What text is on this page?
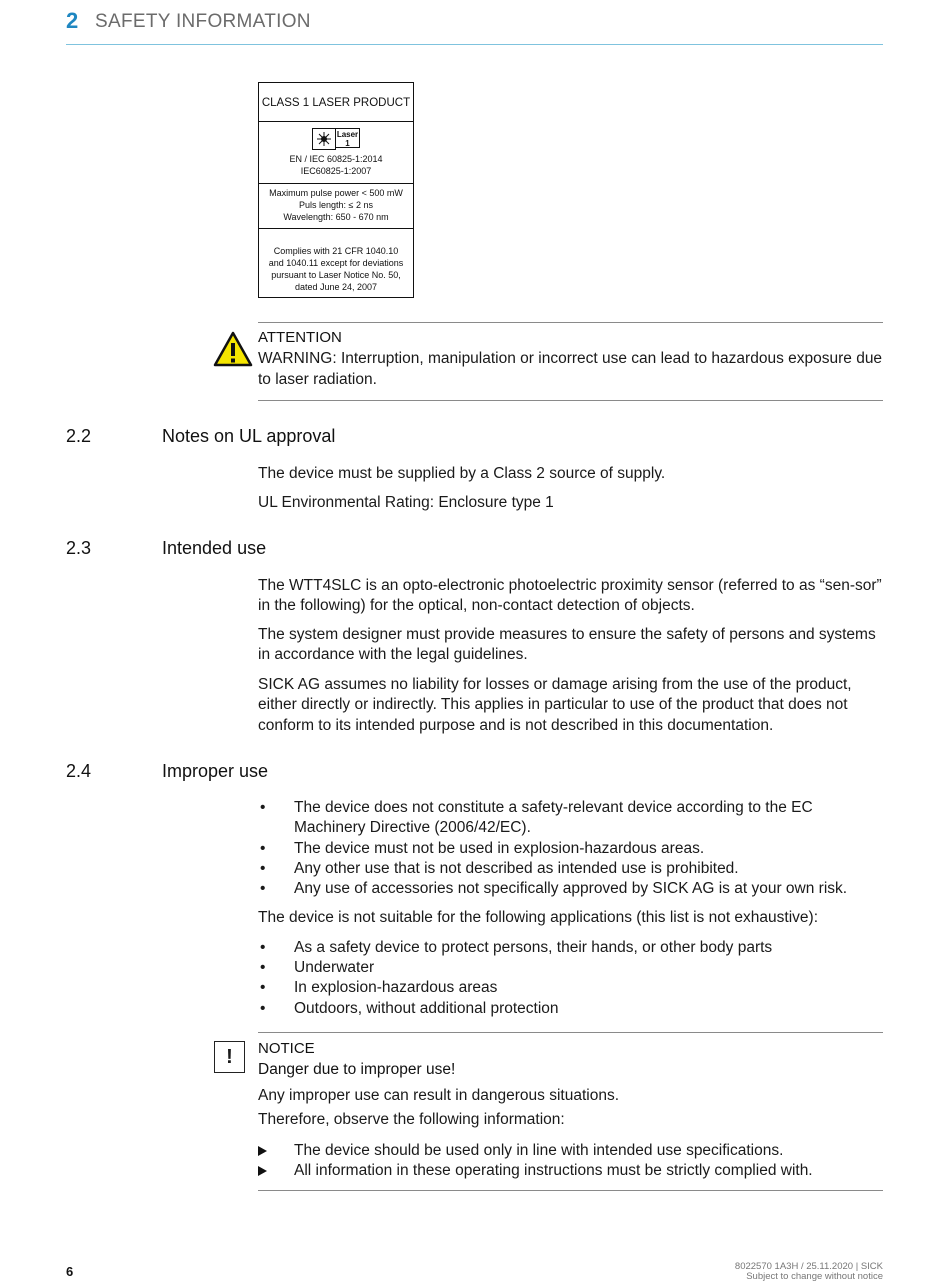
2 SAFETY INFORMATION
CLASS 1 LASER PRODUCT
Laser
1
EN / IEC 60825-1:2014
IEC60825-1:2007
Maximum pulse power < 500 mW
Puls length: ≤ 2 ns
Wavelength: 650 - 670 nm
Complies with 21 CFR 1040.10
and 1040.11 except for deviations
pursuant to Laser Notice No. 50,
dated June 24, 2007
ATTENTION
WARNING: Interruption, manipulation or incorrect use can lead to hazardous exposure due to laser radiation.
2.2	Notes on UL approval
The device must be supplied by a Class 2 source of supply.
UL Environmental Rating: Enclosure type 1
2.3	Intended use
The WTT4SLC is an opto-electronic photoelectric proximity sensor (referred to as “sen-sor” in the following) for the optical, non-contact detection of objects.
The system designer must provide measures to ensure the safety of persons and systems in accordance with the legal guidelines.
SICK AG assumes no liability for losses or damage arising from the use of the product, either directly or indirectly. This applies in particular to use of the product that does not conform to its intended purpose and is not described in this documentation.
2.4	Improper use
• The device does not constitute a safety-relevant device according to the EC Machinery Directive (2006/42/EC).
• The device must not be used in explosion-hazardous areas.
• Any other use that is not described as intended use is prohibited.
• Any use of accessories not specifically approved by SICK AG is at your own risk.
The device is not suitable for the following applications (this list is not exhaustive):
• As a safety device to protect persons, their hands, or other body parts
• Underwater
• In explosion-hazardous areas
• Outdoors, without additional protection
!	NOTICE
Danger due to improper use!
Any improper use can result in dangerous situations.
Therefore, observe the following information:
The device should be used only in line with intended use specifications.
All information in these operating instructions must be strictly complied with.
6	8022570 1A3H / 25.11.2020 | SICK
Subject to change without notice
